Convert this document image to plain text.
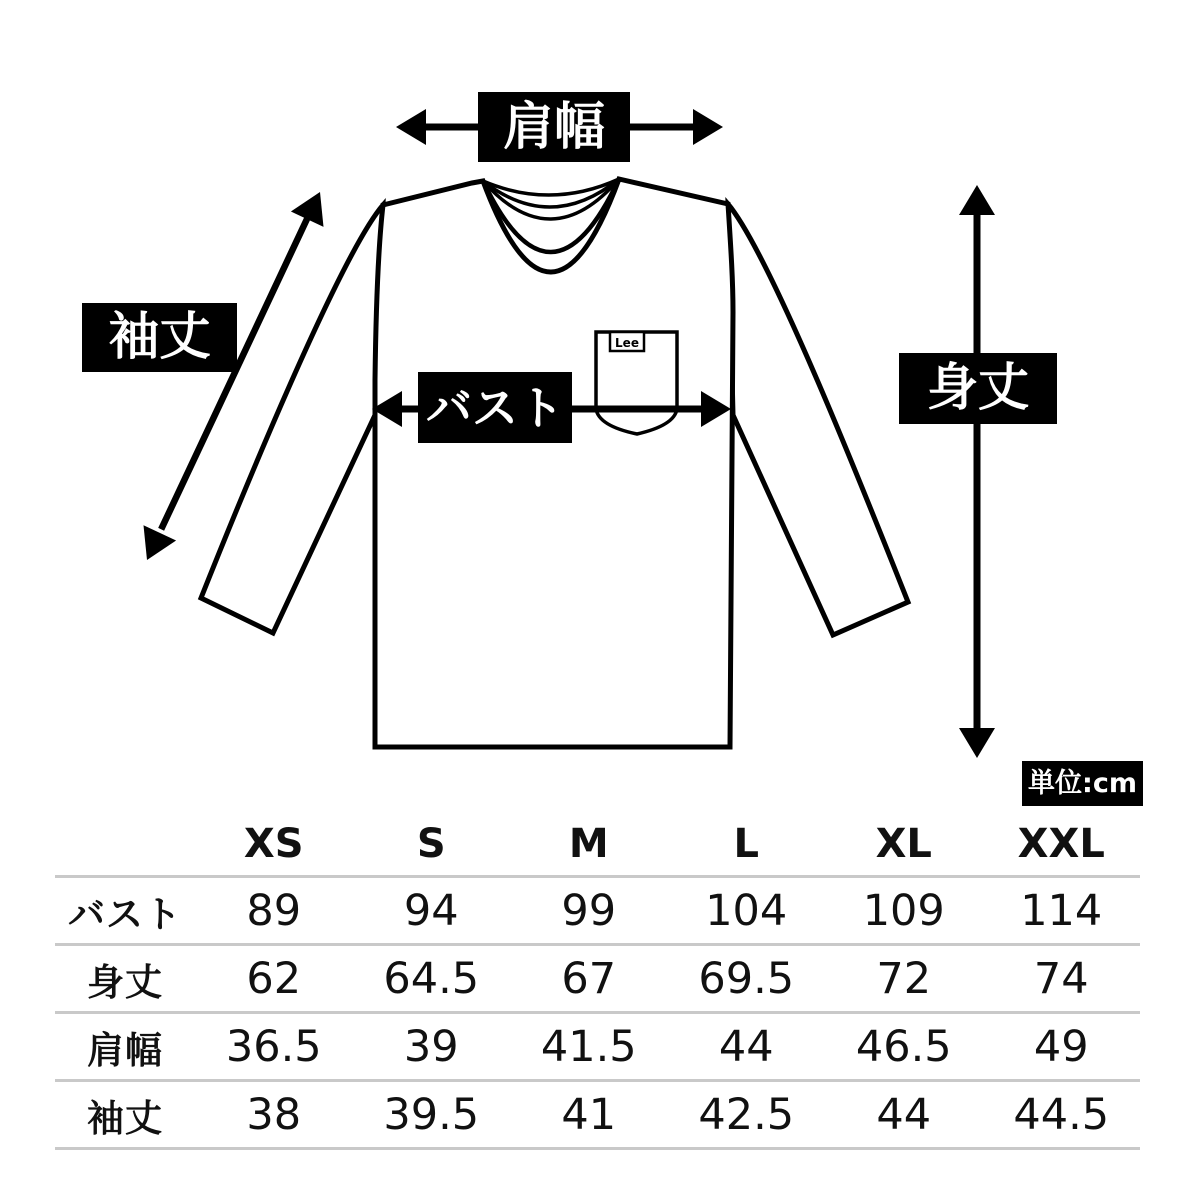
Lee
肩幅
袖丈
バスト	身丈
単位:cm
XS	S	M	L	XL	XXL
バスト	89	94	99	104	109	114
身丈	62	64.5	67	69.5	72	74
肩幅	36.5	39	41.5	44	46.5	49
袖丈	38	39.5	41	42.5	44	44.5
